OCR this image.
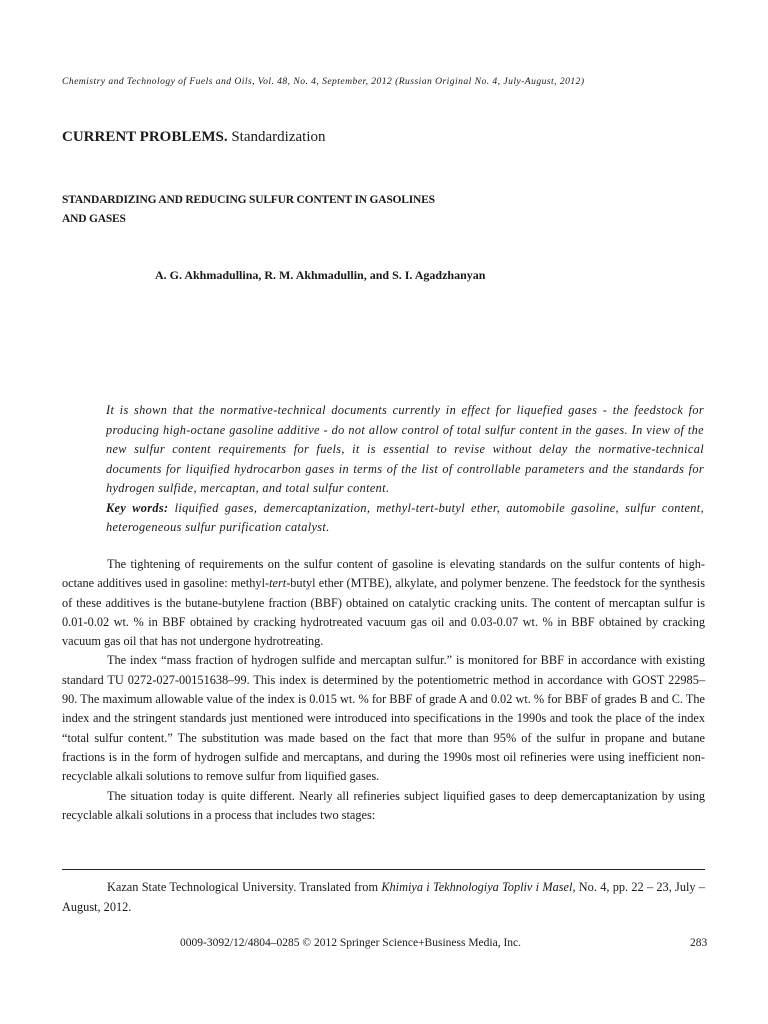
Chemistry and Technology of Fuels and Oils, Vol. 48, No. 4, September, 2012 (Russian Original No. 4, July-August, 2012)
CURRENT PROBLEMS. Standardization
STANDARDIZING AND REDUCING SULFUR CONTENT IN GASOLINES
AND GASES
A. G. Akhmadullina, R. M. Akhmadullin, and S. I. Agadzhanyan

It is shown that the normative-technical documents currently in effect for liquefied gases - the feedstock for producing high-octane gasoline additive - do not allow control of total sulfur content in the gases. In view of the new sulfur content requirements for fuels, it is essential to revise without delay the normative-technical documents for liquified hydrocarbon gases in terms of the list of controllable parameters and the standards for hydrogen sulfide, mercaptan, and total sulfur content.

Key words: liquified gases, demercaptanization, methyl-tert-butyl ether, automobile gasoline, sulfur content, heterogeneous sulfur purification catalyst.

The tightening of requirements on the sulfur content of gasoline is elevating standards on the sulfur contents of high-octane additives used in gasoline: methyl-tert-butyl ether (MTBE), alkylate, and polymer benzene. The feedstock for the synthesis of these additives is the butane-butylene fraction (BBF) obtained on catalytic cracking units. The content of mercaptan sulfur is 0.01-0.02 wt. % in BBF obtained by cracking hydrotreated vacuum gas oil and 0.03-0.07 wt. % in BBF obtained by cracking vacuum gas oil that has not undergone hydrotreating.

The index “mass fraction of hydrogen sulfide and mercaptan sulfur.” is monitored for BBF in accordance with existing standard TU 0272-027-00151638–99. This index is determined by the potentiometric method in accordance with GOST 22985–90. The maximum allowable value of the index is 0.015 wt. % for BBF of grade A and 0.02 wt. % for BBF of grades B and C. The index and the stringent standards just mentioned were introduced into specifications in the 1990s and took the place of the index “total sulfur content.” The substitution was made based on the fact that more than 95% of the sulfur in propane and butane fractions is in the form of hydrogen sulfide and mercaptans, and during the 1990s most oil refineries were using inefficient non-recyclable alkali solutions to remove sulfur from liquified gases.

The situation today is quite different. Nearly all refineries subject liquified gases to deep demercaptanization by using recyclable alkali solutions in a process that includes two stages:

Kazan State Technological University. Translated from Khimiya i Tekhnologiya Topliv i Masel, No. 4, pp. 22 – 23, July – August, 2012.

0009-3092/12/4804–0285 © 2012 Springer Science+Business Media, Inc.	283
